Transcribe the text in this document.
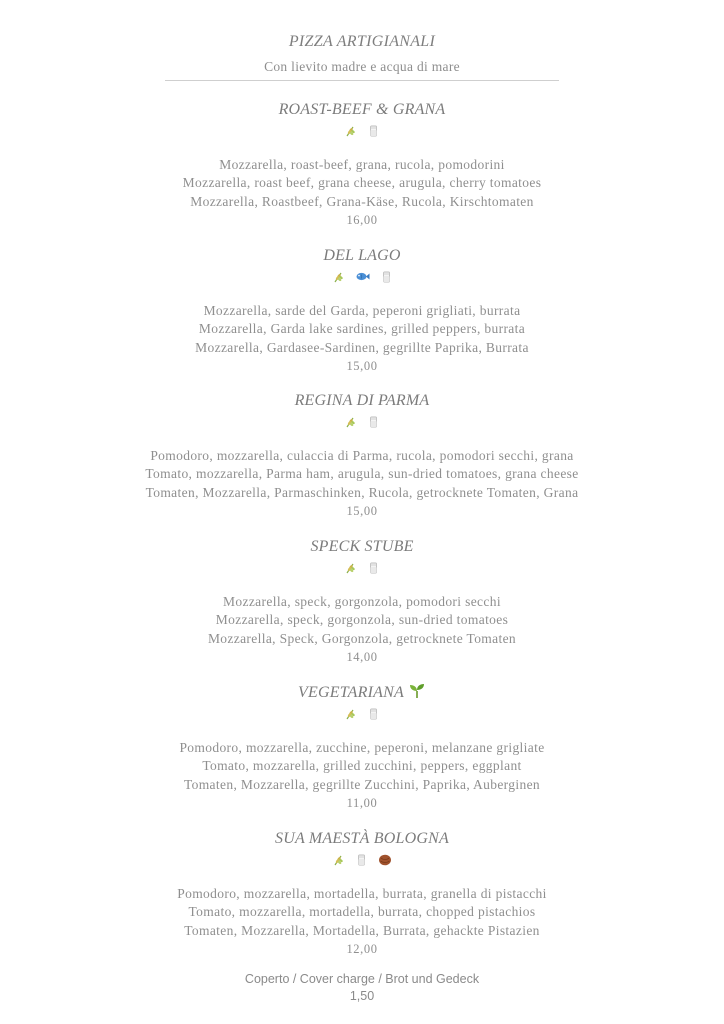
PIZZA ARTIGIANALI
Con lievito madre e acqua di mare
ROAST-BEEF & GRANA
Mozzarella, roast-beef, grana, rucola, pomodorini
Mozzarella, roast beef, grana cheese, arugula, cherry tomatoes
Mozzarella, Roastbeef, Grana-Käse, Rucola, Kirschtomaten
16,00
DEL LAGO
Mozzarella, sarde del Garda, peperoni grigliati, burrata
Mozzarella, Garda lake sardines, grilled peppers, burrata
Mozzarella, Gardasee-Sardinen, gegrillte Paprika, Burrata
15,00
REGINA DI PARMA
Pomodoro, mozzarella, culaccia di Parma, rucola, pomodori secchi, grana
Tomato, mozzarella, Parma ham, arugula, sun-dried tomatoes, grana cheese
Tomaten, Mozzarella, Parmaschinken, Rucola, getrocknete Tomaten, Grana
15,00
SPECK STUBE
Mozzarella, speck, gorgonzola, pomodori secchi
Mozzarella, speck, gorgonzola, sun-dried tomatoes
Mozzarella, Speck, Gorgonzola, getrocknete Tomaten
14,00
VEGETARIANA
Pomodoro, mozzarella, zucchine, peperoni, melanzane grigliate
Tomato, mozzarella, grilled zucchini, peppers, eggplant
Tomaten, Mozzarella, gegrillte Zucchini, Paprika, Auberginen
11,00
SUA MAESTÀ BOLOGNA
Pomodoro, mozzarella, mortadella, burrata, granella di pistacchi
Tomato, mozzarella, mortadella, burrata, chopped pistachios
Tomaten, Mozzarella, Mortadella, Burrata, gehackte Pistazien
12,00
Coperto / Cover charge / Brot und Gedeck
1,50
